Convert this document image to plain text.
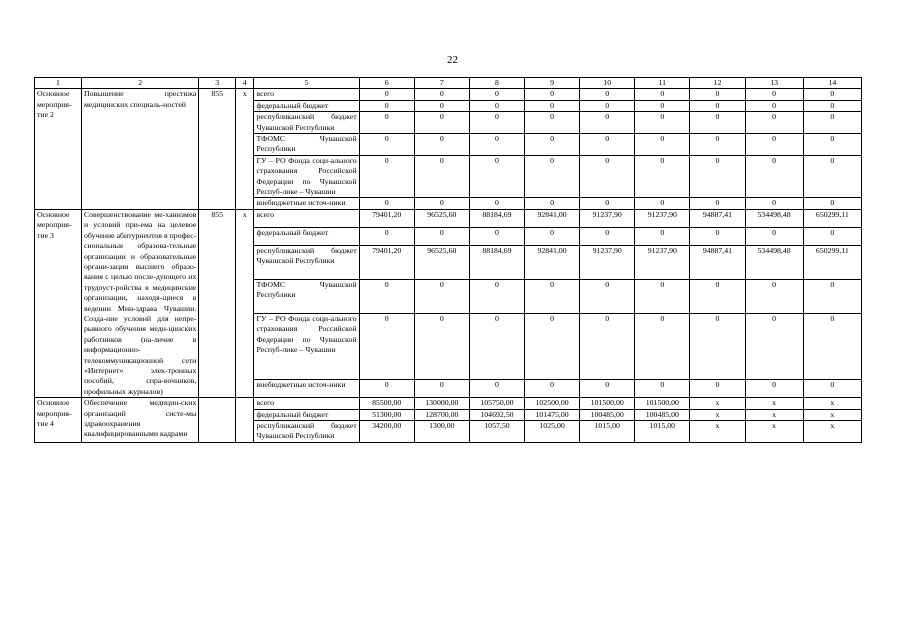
22
1	2	3	4	5	6	7	8	9	10	11	12	13	14
Основное мероприя-тие 2	Повышение престижа медицинских специаль-ностей	855	х	всего	0	0	0	0	0	0	0	0	0
				федеральный бюджет	0	0	0	0	0	0	0	0	0
				республиканский бюджет Чувашской Республики	0	0	0	0	0	0	0	0	0
				ТФОМС Чувашской Республики	0	0	0	0	0	0	0	0	0
				ГУ – РО Фонда соци-ального страхования Российской Федерации по Чувашской Респуб-лике – Чувашии	0	0	0	0	0	0	0	0	0
				внебюджетные источ-ники	0	0	0	0	0	0	0	0	0
Основное мероприя-тие 3	Совершенствование ме-ханизмов и условий при-ема на целевое обучение абитуриентов в профес-сиональные образова-тельные организации и образовательные органи-зации высшего образо-вания с целью после-дующего их трудоуст-ройства в медицинские организации, находя-щиеся в ведении Мин-здрава Чувашии. Созда-ние условий для непре-рывного обучения меди-цинских работников (на-личие в информационно-телекоммуникационной сети «Интернет» элек-тронных пособий, спра-вочников, профильных журналов)	855	х	всего	79401,20	96525,60	88184,69	92841,00	91237,90	91237,90	94887,41	534498,48	650299,11
				федеральный бюджет	0	0	0	0	0	0	0	0	0
				республиканский бюджет Чувашской Республики	79401,20	96525,60	88184,69	92841,00	91237,90	91237,90	94887,41	534498,48	650299,11
				ТФОМС Чувашской Республики	0	0	0	0	0	0	0	0	0
				ГУ – РО Фонда соци-ального страхования Российской Федерации по Чувашской Респуб-лике – Чувашии	0	0	0	0	0	0	0	0	0
				внебюджетные источ-ники	0	0	0	0	0	0	0	0	0
Основное мероприя-тие 4	Обеспечение медицин-ских организаций систе-мы здравоохранения квалифицированными кадрами			всего	85500,00	130000,00	105750,00	102500,00	101500,00	101500,00	х	х	х
				федеральный бюджет	51300,00	128700,00	104692,50	101475,00	100485,00	100485,00	х	х	х
				республиканский бюджет Чувашской Республики	34200,00	1300,00	1057,50	1025,00	1015,00	1015,00	х	х	х
